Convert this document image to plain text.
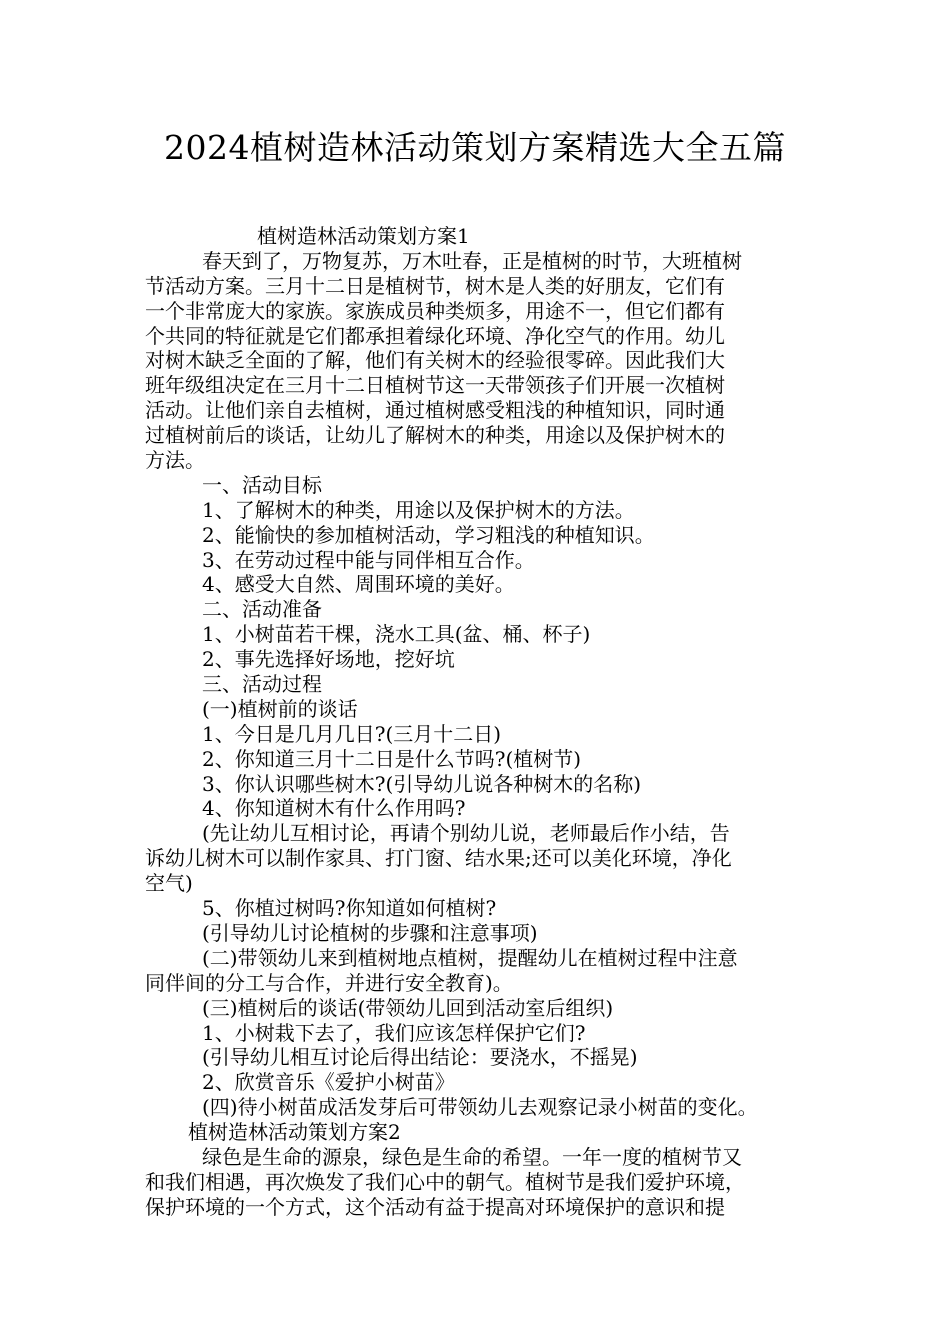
2024植树造林活动策划方案精选大全五篇
植树造林活动策划方案1
春天到了，万物复苏，万木吐春，正是植树的时节，大班植树
节活动方案。三月十二日是植树节，树木是人类的好朋友，它们有
一个非常庞大的家族。家族成员种类烦多，用途不一，但它们都有
个共同的特征就是它们都承担着绿化环境、净化空气的作用。幼儿
对树木缺乏全面的了解，他们有关树木的经验很零碎。因此我们大
班年级组决定在三月十二日植树节这一天带领孩子们开展一次植树
活动。让他们亲自去植树，通过植树感受粗浅的种植知识，同时通
过植树前后的谈话，让幼儿了解树木的种类，用途以及保护树木的
方法。
一、活动目标
1、了解树木的种类，用途以及保护树木的方法。
2、能愉快的参加植树活动，学习粗浅的种植知识。
3、在劳动过程中能与同伴相互合作。
4、感受大自然、周围环境的美好。
二、活动准备
1、小树苗若干棵，浇水工具(盆、桶、杯子)
2、事先选择好场地，挖好坑
三、活动过程
(一)植树前的谈话
1、今日是几月几日?(三月十二日)
2、你知道三月十二日是什么节吗?(植树节)
3、你认识哪些树木?(引导幼儿说各种树木的名称)
4、你知道树木有什么作用吗?
(先让幼儿互相讨论，再请个别幼儿说，老师最后作小结，告
诉幼儿树木可以制作家具、打门窗、结水果;还可以美化环境，净化
空气)
5、你植过树吗?你知道如何植树?
(引导幼儿讨论植树的步骤和注意事项)
(二)带领幼儿来到植树地点植树，提醒幼儿在植树过程中注意
同伴间的分工与合作，并进行安全教育)。
(三)植树后的谈话(带领幼儿回到活动室后组织)
1、小树栽下去了，我们应该怎样保护它们?
(引导幼儿相互讨论后得出结论：要浇水，不摇晃)
2、欣赏音乐《爱护小树苗》
(四)待小树苗成活发芽后可带领幼儿去观察记录小树苗的变化。
植树造林活动策划方案2
绿色是生命的源泉，绿色是生命的希望。一年一度的植树节又
和我们相遇，再次焕发了我们心中的朝气。植树节是我们爱护环境，
保护环境的一个方式，这个活动有益于提高对环境保护的意识和提
